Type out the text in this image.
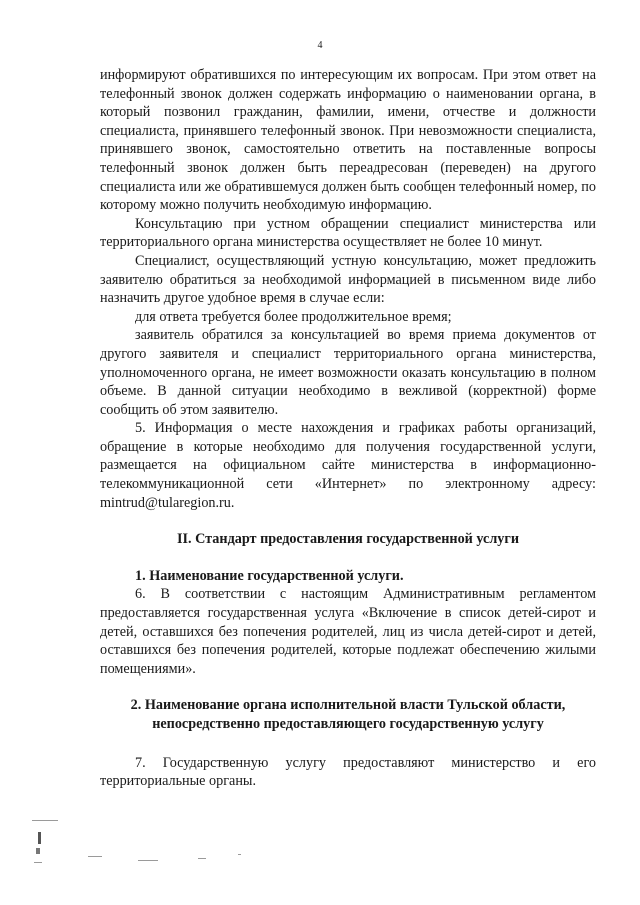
4

информируют обратившихся по интересующим их вопросам. При этом ответ на телефонный звонок должен содержать информацию о наименовании органа, в который позвонил гражданин, фамилии, имени, отчестве и должности специалиста, принявшего телефонный звонок. При невозможности специалиста, принявшего звонок, самостоятельно ответить на поставленные вопросы телефонный звонок должен быть переадресован (переведен) на другого специалиста или же обратившемуся должен быть сообщен телефонный номер, по которому можно получить необходимую информацию.

Консультацию при устном обращении специалист министерства или территориального органа министерства осуществляет не более 10 минут.

Специалист, осуществляющий устную консультацию, может предложить заявителю обратиться за необходимой информацией в письменном виде либо назначить другое удобное время в случае если:

для ответа требуется более продолжительное время;

заявитель обратился за консультацией во время приема документов от другого заявителя и специалист территориального органа министерства, уполномоченного органа, не имеет возможности оказать консультацию в полном объеме. В данной ситуации необходимо в вежливой (корректной) форме сообщить об этом заявителю.

5. Информация о месте нахождения и графиках работы организаций, обращение в которые необходимо для получения государственной услуги, размещается на официальном сайте министерства в информационно-телекоммуникационной сети «Интернет» по электронному адресу: mintrud@tularegion.ru.

II. Стандарт предоставления государственной услуги
1. Наименование государственной услуги.

6. В соответствии с настоящим Административным регламентом предоставляется государственная услуга «Включение в список детей-сирот и детей, оставшихся без попечения родителей, лиц из числа детей-сирот и детей, оставшихся без попечения родителей, которые подлежат обеспечению жилыми помещениями».

2. Наименование органа исполнительной власти Тульской области,
непосредственно предоставляющего государственную услугу

7. Государственную услугу предоставляют министерство и его территориальные органы.
